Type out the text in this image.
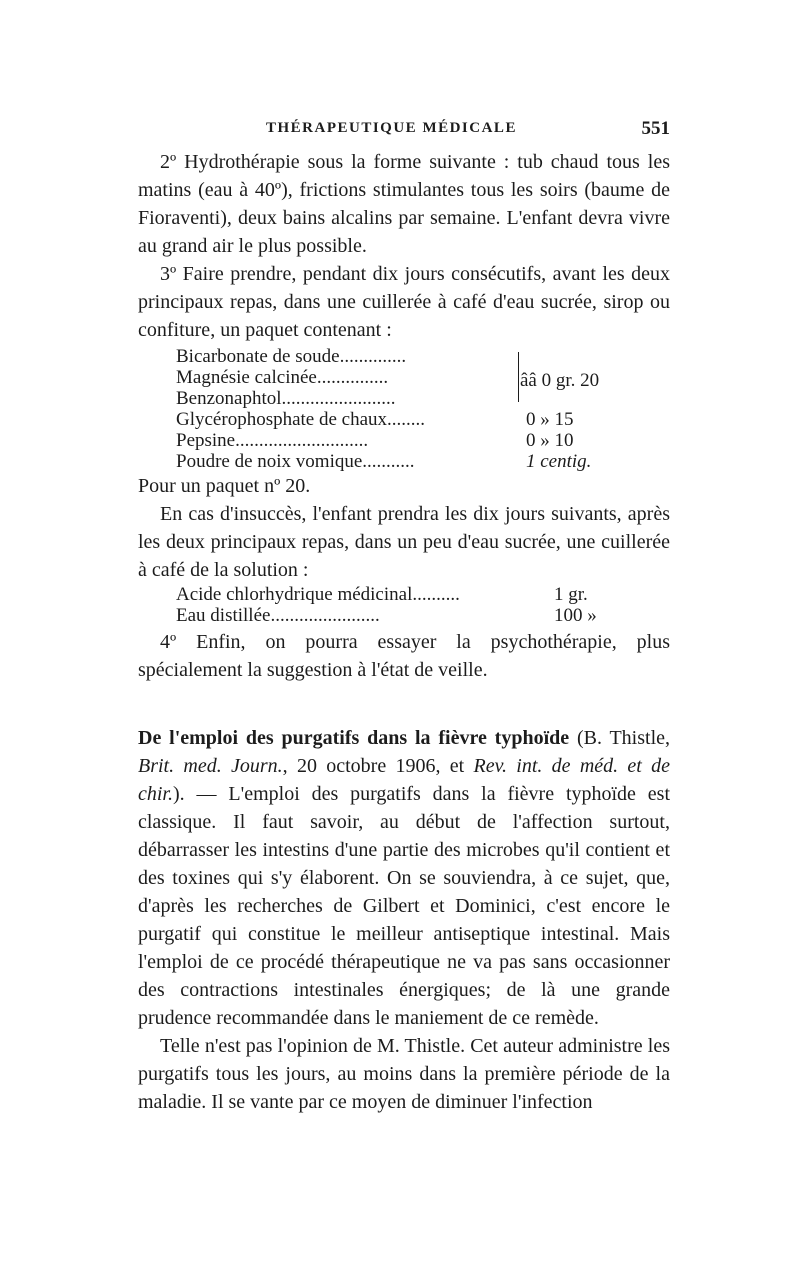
THÉRAPEUTIQUE MÉDICALE	551

2º Hydrothérapie sous la forme suivante : tub chaud tous les matins (eau à 40º), frictions stimulantes tous les soirs (baume de Fioraventi), deux bains alcalins par semaine. L'enfant devra vivre au grand air le plus possible.

3º Faire prendre, pendant dix jours consécutifs, avant les deux principaux repas, dans une cuillerée à café d'eau sucrée, sirop ou confiture, un paquet contenant :

Bicarbonate de soude..............
Magnésie calcinée...............
Benzonaphtol........................
ââ 0 gr. 20
Glycérophosphate de chaux........	0 » 15
Pepsine............................	0 » 10
Poudre de noix vomique...........	1 centig.

Pour un paquet nº 20.

En cas d'insuccès, l'enfant prendra les dix jours suivants, après les deux principaux repas, dans un peu d'eau sucrée, une cuillerée à café de la solution :

Acide chlorhydrique médicinal..........	1 gr.
Eau distillée.......................	100 »

4º Enfin, on pourra essayer la psychothérapie, plus spécialement la suggestion à l'état de veille.

De l'emploi des purgatifs dans la fièvre typhoïde (B. Thistle, Brit. med. Journ., 20 octobre 1906, et Rev. int. de méd. et de chir.). — L'emploi des purgatifs dans la fièvre typhoïde est classique. Il faut savoir, au début de l'affection surtout, débarrasser les intestins d'une partie des microbes qu'il contient et des toxines qui s'y élaborent. On se souviendra, à ce sujet, que, d'après les recherches de Gilbert et Dominici, c'est encore le purgatif qui constitue le meilleur antiseptique intestinal. Mais l'emploi de ce procédé thérapeutique ne va pas sans occasionner des contractions intestinales énergiques; de là une grande prudence recommandée dans le maniement de ce remède.

Telle n'est pas l'opinion de M. Thistle. Cet auteur administre les purgatifs tous les jours, au moins dans la première période de la maladie. Il se vante par ce moyen de diminuer l'infection
